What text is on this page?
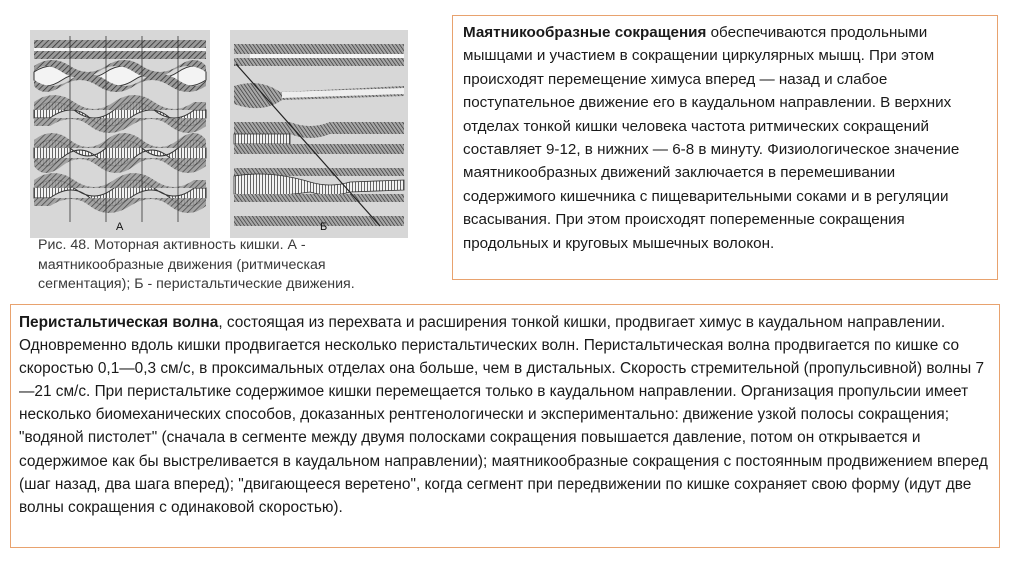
А	Б
Рис. 48. Моторная активность кишки. А - маятникообразные движения (ритмическая сегментация); Б - перистальтические движения.
Маятникообразные сокращения обеспечиваются продольными мышцами и участием в сокращении циркулярных мышц. При этом происходят перемещение химуса вперед — назад и слабое поступательное движение его в каудальном направлении. В верхних отделах тонкой кишки человека частота ритмических сокращений составляет 9-12, в нижних — 6-8 в минуту. Физиологическое значение маятникообразных движений заключается в перемешивании содержимого кишечника с пищеварительными соками и в регуляции всасывания. При этом происходят попеременные сокращения продольных и круговых мышечных волокон.
Перистальтическая волна, состоящая из перехвата и расширения тонкой кишки, продвигает химус в каудальном направлении. Одновременно вдоль кишки продвигается несколько перистальтических волн. Перистальтическая волна продвигается по кишке со скоростью 0,1—0,3 см/с, в проксимальных отделах она больше, чем в дистальных. Скорость стремительной (пропульсивной) волны 7—21 см/с. При перистальтике содержимое кишки перемещается только в каудальном направлении. Организация пропульсии имеет несколько биомеханических способов, доказанных рентгенологически и экспериментально: движение узкой полосы сокращения; "водяной пистолет" (сначала в сегменте между двумя полосками сокращения повышается давление, потом он открывается и содержимое как бы выстреливается в каудальном направлении); маятникообразные сокращения с постоянным продвижением вперед (шаг назад, два шага вперед); "двигающееся веретено", когда сегмент при передвижении по кишке сохраняет свою форму (идут две волны сокращения с одинаковой скоростью).
